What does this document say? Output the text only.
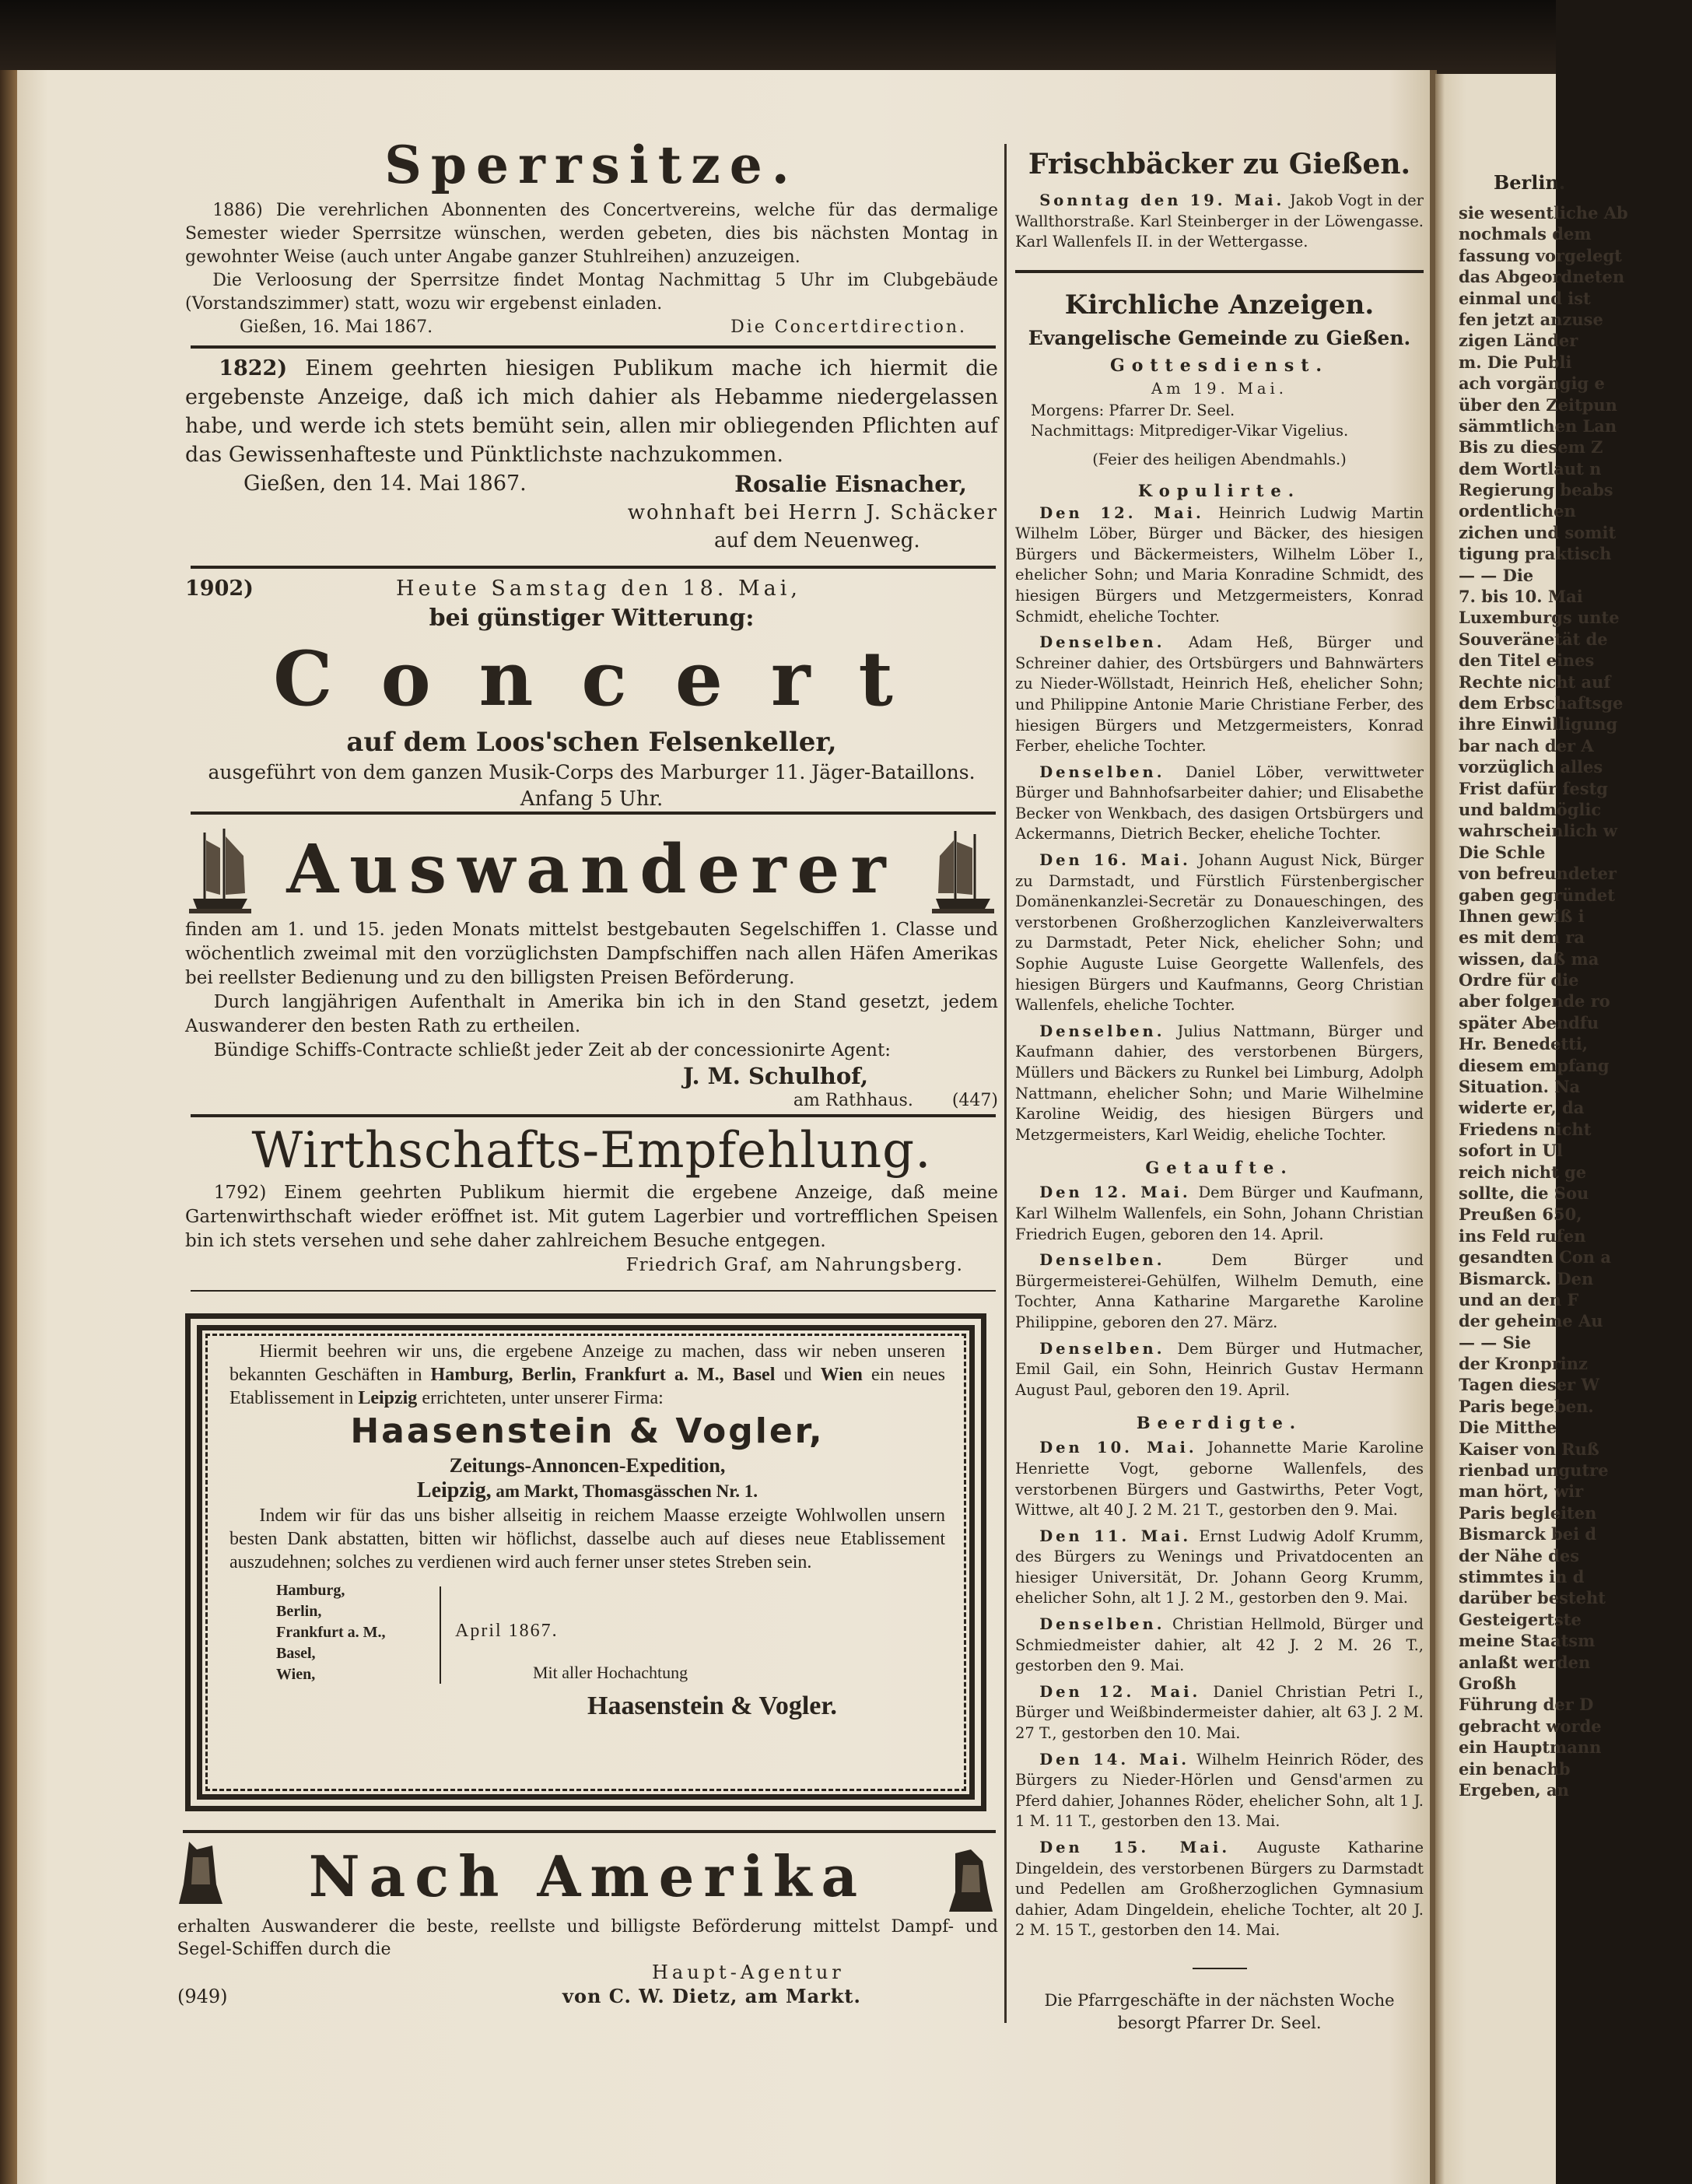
Berlin.
sie wesentliche Ab
nochmals dem
fassung vorgelegt
das Abgeordneten
einmal und ist
fen jetzt anzuse
zigen Länder
m. Die Publi
ach vorgängig e
über den Zeitpun
sämmtlichen Lan
Bis zu diesem Z
dem Wortlaut n
Regierung beabs
ordentlichen
zichen und somit
tigung praktisch
— — Die
7. bis 10. Mai
Luxemburgs unte
Souveränetät de
den Titel eines
Rechte nicht auf
dem Erbschaftsge
ihre Einwilligung
bar nach der A
vorzüglich alles
Frist dafür festg
und baldmöglic
wahrscheinlich w
Die Schle
von befreundeter
gaben gegründet
Ihnen gewiß i
es mit dem ra
wissen, daß ma
Ordre für die
aber folgende ro
später Abendfu
Hr. Benedetti,
diesem empfang
Situation. Na
widerte er, da
Friedens nicht
sofort in Ul
reich nicht ge
sollte, die Sou
Preußen 650,
ins Feld rufen
gesandten Con a
Bismarck. Den
und an den F
der geheime Au
— — Sie
der Kronprinz
Tagen dieser W
Paris begeben.
Die Mitthe
Kaiser von Ruß
rienbad ungutre
man hört, wir
Paris begleiten
Bismarck bei d
der Nähe des
stimmtes in d
darüber besteht
Gesteigertste
meine Staatsm
anlaßt werden
Großh
Führung der D
gebracht worde
ein Hauptmann
ein benachb
Ergeben, an
Sperrsitze.

1886) Die verehrlichen Abonnenten des Concertvereins, welche für das dermalige Semester wieder Sperrsitze wünschen, werden gebeten, dies bis nächsten Montag in gewohnter Weise (auch unter Angabe ganzer Stuhlreihen) anzuzeigen.

Die Verloosung der Sperrsitze findet Montag Nachmittag 5 Uhr im Clubgebäude (Vorstandszimmer) statt, wozu wir ergebenst einladen.

Gießen, 16. Mai 1867.	Die Concertdirection.

1822) Einem geehrten hiesigen Publikum mache ich hiermit die ergebenste Anzeige, daß ich mich dahier als Hebamme niedergelassen habe, und werde ich stets bemüht sein, allen mir obliegenden Pflichten auf das Gewissenhafteste und Pünktlichste nachzukommen.

Gießen, den 14. Mai 1867.	Rosalie Eisnacher,
wohnhaft bei Herrn J. Schäcker
auf dem Neuenweg.
1902)	Heute Samstag den 18. Mai,
bei günstiger Witterung:
Concert
auf dem Loos'schen Felsenkeller,
ausgeführt von dem ganzen Musik-Corps des Marburger 11. Jäger-Bataillons.
Anfang 5 Uhr.
Auswanderer

finden am 1. und 15. jeden Monats mittelst bestgebauten Segelschiffen 1. Classe und wöchentlich zweimal mit den vorzüglichsten Dampfschiffen nach allen Häfen Amerikas bei reellster Bedienung und zu den billigsten Preisen Beförderung.

Durch langjährigen Aufenthalt in Amerika bin ich in den Stand gesetzt, jedem Auswanderer den besten Rath zu ertheilen.

Bündige Schiffs-Contracte schließt jeder Zeit ab der concessionirte Agent:

J. M. Schulhof,
am Rathhaus. (447)
Wirthschafts-Empfehlung.

1792) Einem geehrten Publikum hiermit die ergebene Anzeige, daß meine Gartenwirthschaft wieder eröffnet ist. Mit gutem Lagerbier und vortrefflichen Speisen bin ich stets versehen und sehe daher zahlreichem Besuche entgegen.

Friedrich Graf, am Nahrungsberg.

Hiermit beehren wir uns, die ergebene Anzeige zu machen, dass wir neben unseren bekannten Geschäften in Hamburg, Berlin, Frankfurt a. M., Basel und Wien ein neues Etablissement in Leipzig errichteten, unter unserer Firma:

Haasenstein & Vogler,
Zeitungs-Annoncen-Expedition,
Leipzig, am Markt, Thomasgässchen Nr. 1.

Indem wir für das uns bisher allseitig in reichem Maasse erzeigte Wohlwollen unsern besten Dank abstatten, bitten wir höflichst, dasselbe auch auf dieses neue Etablissement auszudehnen; solches zu verdienen wird auch ferner unser stetes Streben sein.

Hamburg,
Berlin,
Frankfurt a. M.,
Basel,
Wien,
April 1867.
Mit aller Hochachtung
Haasenstein & Vogler.
Nach Amerika

erhalten Auswanderer die beste, reellste und billigste Beförderung mittelst Dampf- und Segel-Schiffen durch die

Haupt-Agentur
(949)	von C. W. Dietz, am Markt.
Frischbäcker zu Gießen.

Sonntag den 19. Mai. Jakob Vogt in der Wallthorstraße. Karl Steinberger in der Löwengasse. Karl Wallenfels II. in der Wettergasse.

Kirchliche Anzeigen.
Evangelische Gemeinde zu Gießen.
Gottesdienst.
Am 19. Mai.
Morgens: Pfarrer Dr. Seel.
Nachmittags: Mitprediger-Vikar Vigelius.
(Feier des heiligen Abendmahls.)
Kopulirte.

Den 12. Mai. Heinrich Ludwig Martin Wilhelm Löber, Bürger und Bäcker, des hiesigen Bürgers und Bäckermeisters, Wilhelm Löber I., ehelicher Sohn; und Maria Konradine Schmidt, des hiesigen Bürgers und Metzgermeisters, Konrad Schmidt, eheliche Tochter.

Denselben. Adam Heß, Bürger und Schreiner dahier, des Ortsbürgers und Bahnwärters zu Nieder-Wöllstadt, Heinrich Heß, ehelicher Sohn; und Philippine Antonie Marie Christiane Ferber, des hiesigen Bürgers und Metzgermeisters, Konrad Ferber, eheliche Tochter.

Denselben. Daniel Löber, verwittweter Bürger und Bahnhofsarbeiter dahier; und Elisabethe Becker von Wenkbach, des dasigen Ortsbürgers und Ackermanns, Dietrich Becker, eheliche Tochter.

Den 16. Mai. Johann August Nick, Bürger zu Darmstadt, und Fürstlich Fürstenbergischer Domänenkanzlei-Secretär zu Donaueschingen, des verstorbenen Großherzoglichen Kanzleiverwalters zu Darmstadt, Peter Nick, ehelicher Sohn; und Sophie Auguste Luise Georgette Wallenfels, des hiesigen Bürgers und Kaufmanns, Georg Christian Wallenfels, eheliche Tochter.

Denselben. Julius Nattmann, Bürger und Kaufmann dahier, des verstorbenen Bürgers, Müllers und Bäckers zu Runkel bei Limburg, Adolph Nattmann, ehelicher Sohn; und Marie Wilhelmine Karoline Weidig, des hiesigen Bürgers und Metzgermeisters, Karl Weidig, eheliche Tochter.

Getaufte.

Den 12. Mai. Dem Bürger und Kaufmann, Karl Wilhelm Wallenfels, ein Sohn, Johann Christian Friedrich Eugen, geboren den 14. April.

Denselben.	Dem Bürger und Bürgermeisterei-Gehülfen, Wilhelm Demuth, eine Tochter, Anna Katharine Margarethe Karoline Philippine, geboren den 27. März.

Denselben. Dem Bürger und Hutmacher, Emil Gail, ein Sohn, Heinrich Gustav Hermann August Paul, geboren den 19. April.

Beerdigte.

Den 10. Mai. Johannette Marie Karoline Henriette Vogt, geborne Wallenfels, des verstorbenen Bürgers und Gastwirths, Peter Vogt, Wittwe, alt 40 J. 2 M. 21 T., gestorben den 9. Mai.

Den 11. Mai. Ernst Ludwig Adolf Krumm, des Bürgers zu Wenings und Privatdocenten an hiesiger Universität, Dr. Johann Georg Krumm, ehelicher Sohn, alt 1 J. 2 M., gestorben den 9. Mai.

Denselben. Christian Hellmold, Bürger und Schmiedmeister dahier, alt 42 J. 2 M. 26 T., gestorben den 9. Mai.

Den 12. Mai. Daniel Christian Petri I., Bürger und Weißbindermeister dahier, alt 63 J. 2 M. 27 T., gestorben den 10. Mai.

Den 14. Mai. Wilhelm Heinrich Röder, des Bürgers zu Nieder-Hörlen und Gensd'armen zu Pferd dahier, Johannes Röder, ehelicher Sohn, alt 1 J. 1 M. 11 T., gestorben den 13. Mai.

Den 15. Mai. Auguste Katharine Dingeldein, des verstorbenen Bürgers zu Darmstadt und Pedellen am Großherzoglichen Gymnasium dahier, Adam Dingeldein, eheliche Tochter, alt 20 J. 2 M. 15 T., gestorben den 14. Mai.

Die Pfarrgeschäfte in der nächsten Woche besorgt Pfarrer Dr. Seel.
